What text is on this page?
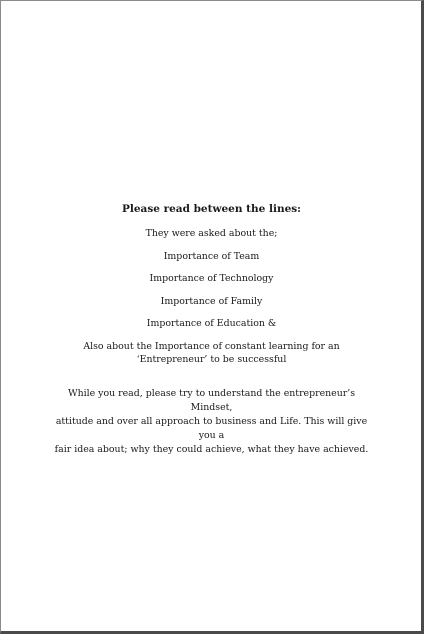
Please read between the lines:

They were asked about the;

Importance of Team

Importance of Technology

Importance of Family

Importance of Education &

Also about the Importance of constant learning for an

‘Entrepreneur’ to be successful

While you read, please try to understand the entrepreneur’s Mindset,
attitude and over all approach to business and Life. This will give you a
fair idea about; why they could achieve, what they have achieved.
